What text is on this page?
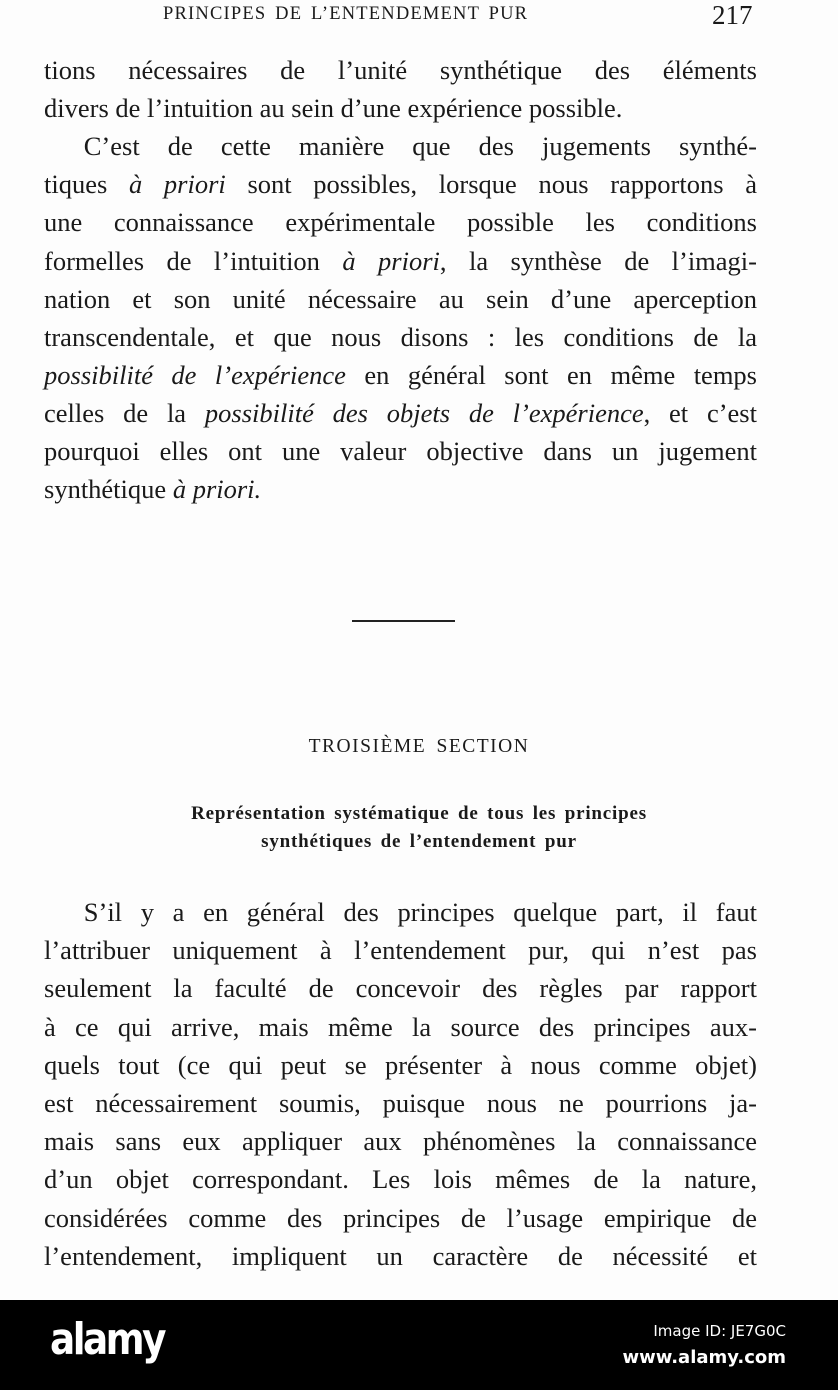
PRINCIPES DE L’ENTENDEMENT PUR	217
tions nécessaires de l’unité synthétique des éléments
divers de l’intuition au sein d’une expérience possible.
  C’est de cette manière que des jugements synthé-
tiques à priori sont possibles, lorsque nous rapportons à
une connaissance expérimentale possible les conditions
formelles de l’intuition à priori, la synthèse de l’imagi-
nation et son unité nécessaire au sein d’une aperception
transcendentale, et que nous disons : les conditions de la
possibilité de l’expérience en général sont en même temps
celles de la possibilité des objets de l’expérience, et c’est
pourquoi elles ont une valeur objective dans un jugement
synthétique à priori.
TROISIÈME SECTION
Représentation systématique de tous les principes
synthétiques de l’entendement pur
  S’il y a en général des principes quelque part, il faut
l’attribuer uniquement à l’entendement pur, qui n’est pas
seulement la faculté de concevoir des règles par rapport
à ce qui arrive, mais même la source des principes aux-
quels tout (ce qui peut se présenter à nous comme objet)
est nécessairement soumis, puisque nous ne pourrions ja-
mais sans eux appliquer aux phénomènes la connaissance
d’un objet correspondant. Les lois mêmes de la nature,
considérées comme des principes de l’usage empirique de
l’entendement, impliquent un caractère de nécessité et
alamy	Image ID: JE7G0C
www.alamy.com
